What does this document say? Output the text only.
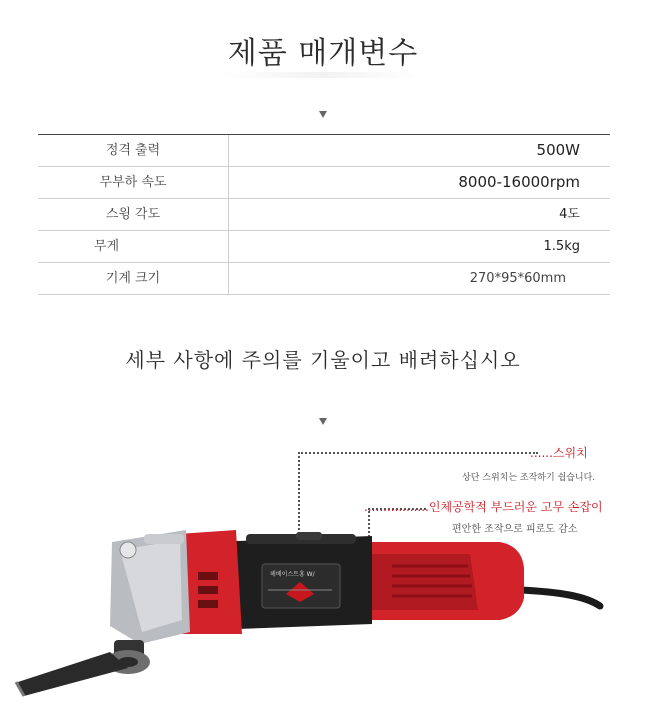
제품 매개변수
정격 출력	500W
무부하 속도	8000-16000rpm
스윙 각도	4도
무게	1.5kg
기계 크기	270*95*60mm
세부 사항에 주의를 기울이고 배려하십시오
......스위치
상단 스위치는 조작하기 쉽습니다.
.................인체공학적 부드러운 고무 손잡이
편안한 조작으로 피로도 감소
해베이스트홍 W/
